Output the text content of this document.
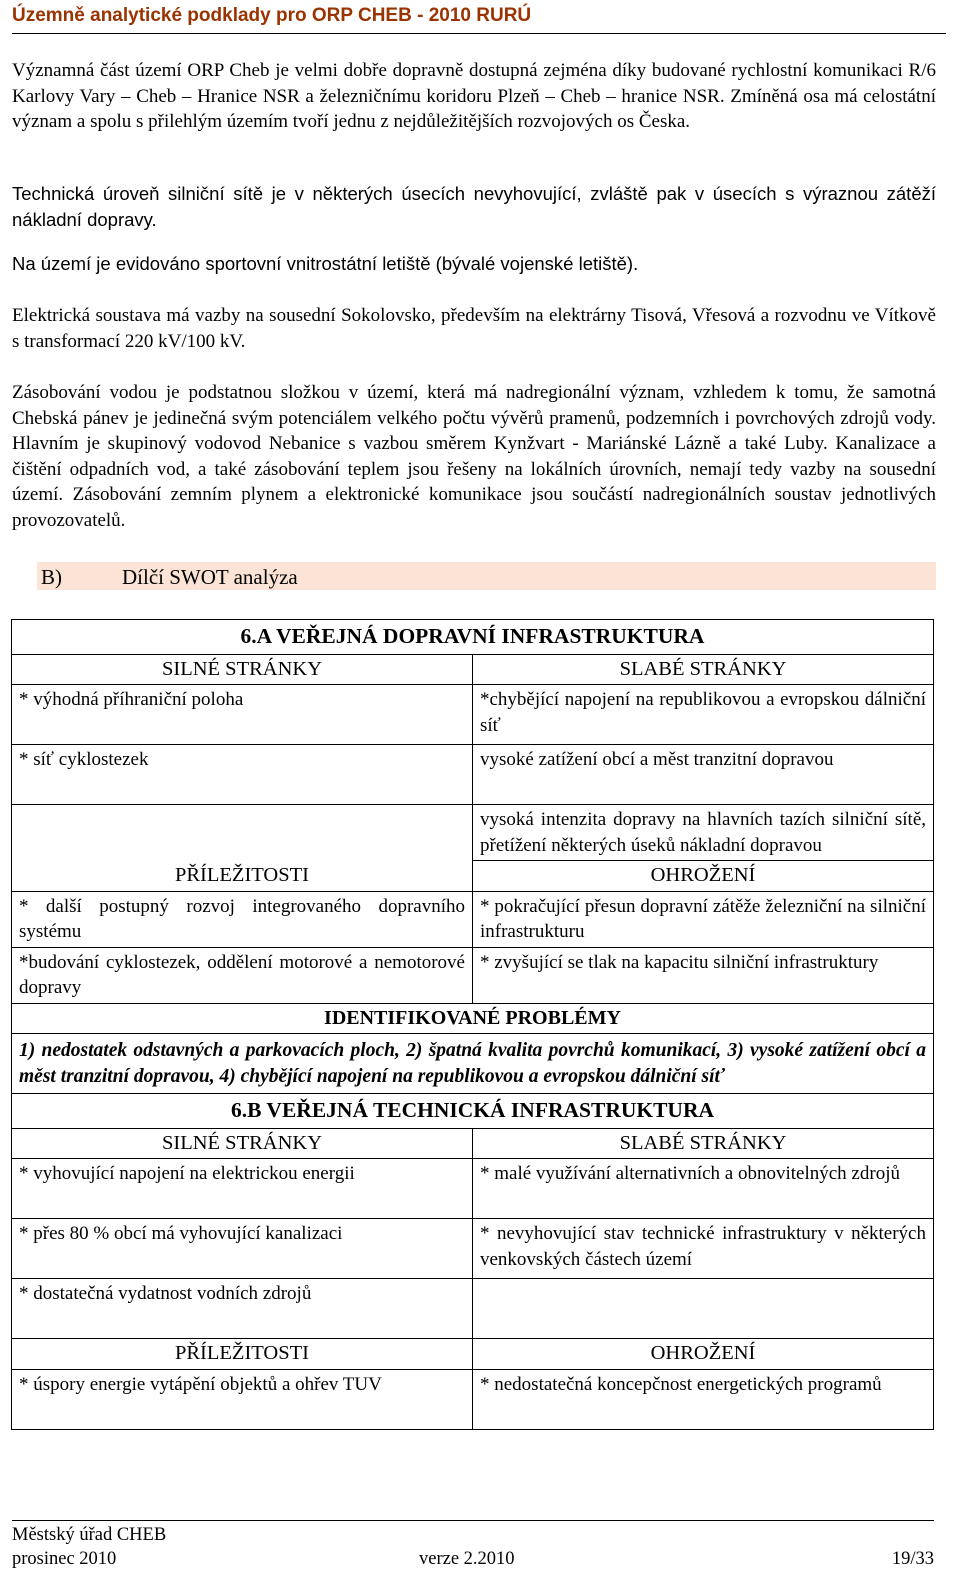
Územně analytické podklady pro ORP CHEB - 2010 RURÚ
Významná část území ORP Cheb je velmi dobře dopravně dostupná zejména díky budované rychlostní komunikaci R/6 Karlovy Vary – Cheb – Hranice NSR a železničnímu koridoru Plzeň – Cheb – hranice NSR. Zmíněná osa má celostátní význam a spolu s přilehlým územím tvoří jednu z nejdůležitějších rozvojových os Česka.
Technická úroveň silniční sítě je v některých úsecích nevyhovující, zvláště pak v úsecích s výraznou zátěží nákladní dopravy.
Na území je evidováno sportovní vnitrostátní letiště (bývalé vojenské letiště).
Elektrická soustava má vazby na sousední Sokolovsko, především na elektrárny Tisová, Vřesová a rozvodnu ve Vítkově s transformací 220 kV/100 kV.
Zásobování vodou je podstatnou složkou v území, která má nadregionální význam, vzhledem k tomu, že samotná Chebská pánev je jedinečná svým potenciálem velkého počtu vývěrů pramenů, podzemních i povrchových zdrojů vody. Hlavním je skupinový vodovod Nebanice s vazbou směrem Kynžvart - Mariánské Lázně a také Luby. Kanalizace a čištění odpadních vod, a také zásobování teplem jsou řešeny na lokálních úrovních, nemají tedy vazby na sousední území. Zásobování zemním plynem a elektronické komunikace jsou součástí nadregionálních soustav jednotlivých provozovatelů.
B)	Dílčí SWOT analýza
6.A VEŘEJNÁ DOPRAVNÍ INFRASTRUKTURA	
SILNÉ STRÁNKY	SLABÉ STRÁNKY
* výhodná příhraniční poloha	*chybějící napojení na republikovou a evropskou dálniční síť
* síť cyklostezek	vysoké zatížení obcí a měst tranzitní dopravou
	vysoká intenzita dopravy na hlavních tazích silniční sítě, přetížení některých úseků nákladní dopravou
PŘÍLEŽITOSTI	OHROŽENÍ
* další postupný rozvoj integrovaného dopravního systému	* pokračující přesun dopravní zátěže železniční na silniční infrastrukturu
*budování cyklostezek, oddělení motorové a nemotorové dopravy	* zvyšující se tlak na kapacitu silniční infrastruktury
IDENTIFIKOVANÉ PROBLÉMY	
1) nedostatek odstavných a parkovacích ploch, 2) špatná kvalita povrchů komunikací, 3) vysoké zatížení obcí a měst tranzitní dopravou, 4) chybějící napojení na republikovou a evropskou dálniční síť	
6.B VEŘEJNÁ TECHNICKÁ INFRASTRUKTURA	
SILNÉ STRÁNKY	SLABÉ STRÁNKY
* vyhovující napojení na elektrickou energii	* malé využívání alternativních a obnovitelných zdrojů
* přes 80 % obcí má vyhovující kanalizaci	* nevyhovující stav technické infrastruktury v některých venkovských částech území
* dostatečná vydatnost vodních zdrojů	
PŘÍLEŽITOSTI	OHROŽENÍ
* úspory energie vytápění objektů a ohřev TUV	* nedostatečná koncepčnost energetických programů
Městský úřad CHEB
prosinec 2010	verze 2.2010	19/33
